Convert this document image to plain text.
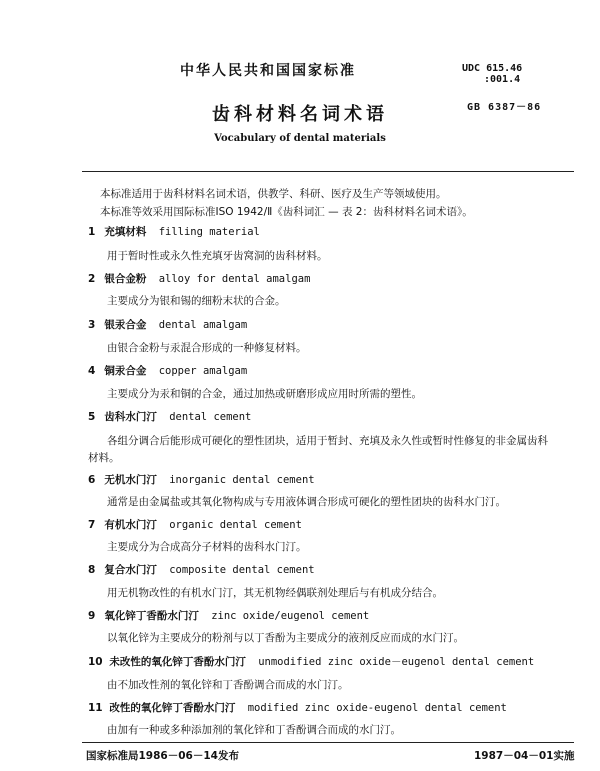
中华人民共和国国家标准	UDC 615.46
:001.4
GB 6387－86
齿科材料名词术语
Vocabulary of dental materials
本标准适用于齿科材料名词术语，供教学、科研、医疗及生产等领域使用。
本标准等效采用国际标准ISO 1942/Ⅱ《齿科词汇 — 表 2：齿科材料名词术语》。
1 充填材料 filling material
用于暂时性或永久性充填牙齿窝洞的齿科材料。
2 银合金粉 alloy for dental amalgam
主要成分为银和锡的细粉末状的合金。
3 银汞合金 dental amalgam
由银合金粉与汞混合形成的一种修复材料。
4 铜汞合金 copper amalgam
主要成分为汞和铜的合金，通过加热或研磨形成应用时所需的塑性。
5 齿科水门汀 dental cement
各组分调合后能形成可硬化的塑性团块，适用于暂封、充填及永久性或暂时性修复的非金属齿科
材料。
6 无机水门汀 inorganic dental cement
通常是由金属盐或其氧化物构成与专用液体调合形成可硬化的塑性团块的齿科水门汀。
7 有机水门汀 organic dental cement
主要成分为合成高分子材料的齿科水门汀。
8 复合水门汀 composite dental cement
用无机物改性的有机水门汀，其无机物经偶联剂处理后与有机成分结合。
9 氧化锌丁香酚水门汀 zinc oxide/eugenol cement
以氧化锌为主要成分的粉剂与以丁香酚为主要成分的液剂反应而成的水门汀。
10 未改性的氧化锌丁香酚水门汀 unmodified zinc oxide－eugenol dental cement
由不加改性剂的氧化锌和丁香酚调合而成的水门汀。
11 改性的氧化锌丁香酚水门汀 modified zinc oxide-eugenol dental cement
由加有一种或多种添加剂的氧化锌和丁香酚调合而成的水门汀。
国家标准局1986－06－14发布	1987－04－01实施
